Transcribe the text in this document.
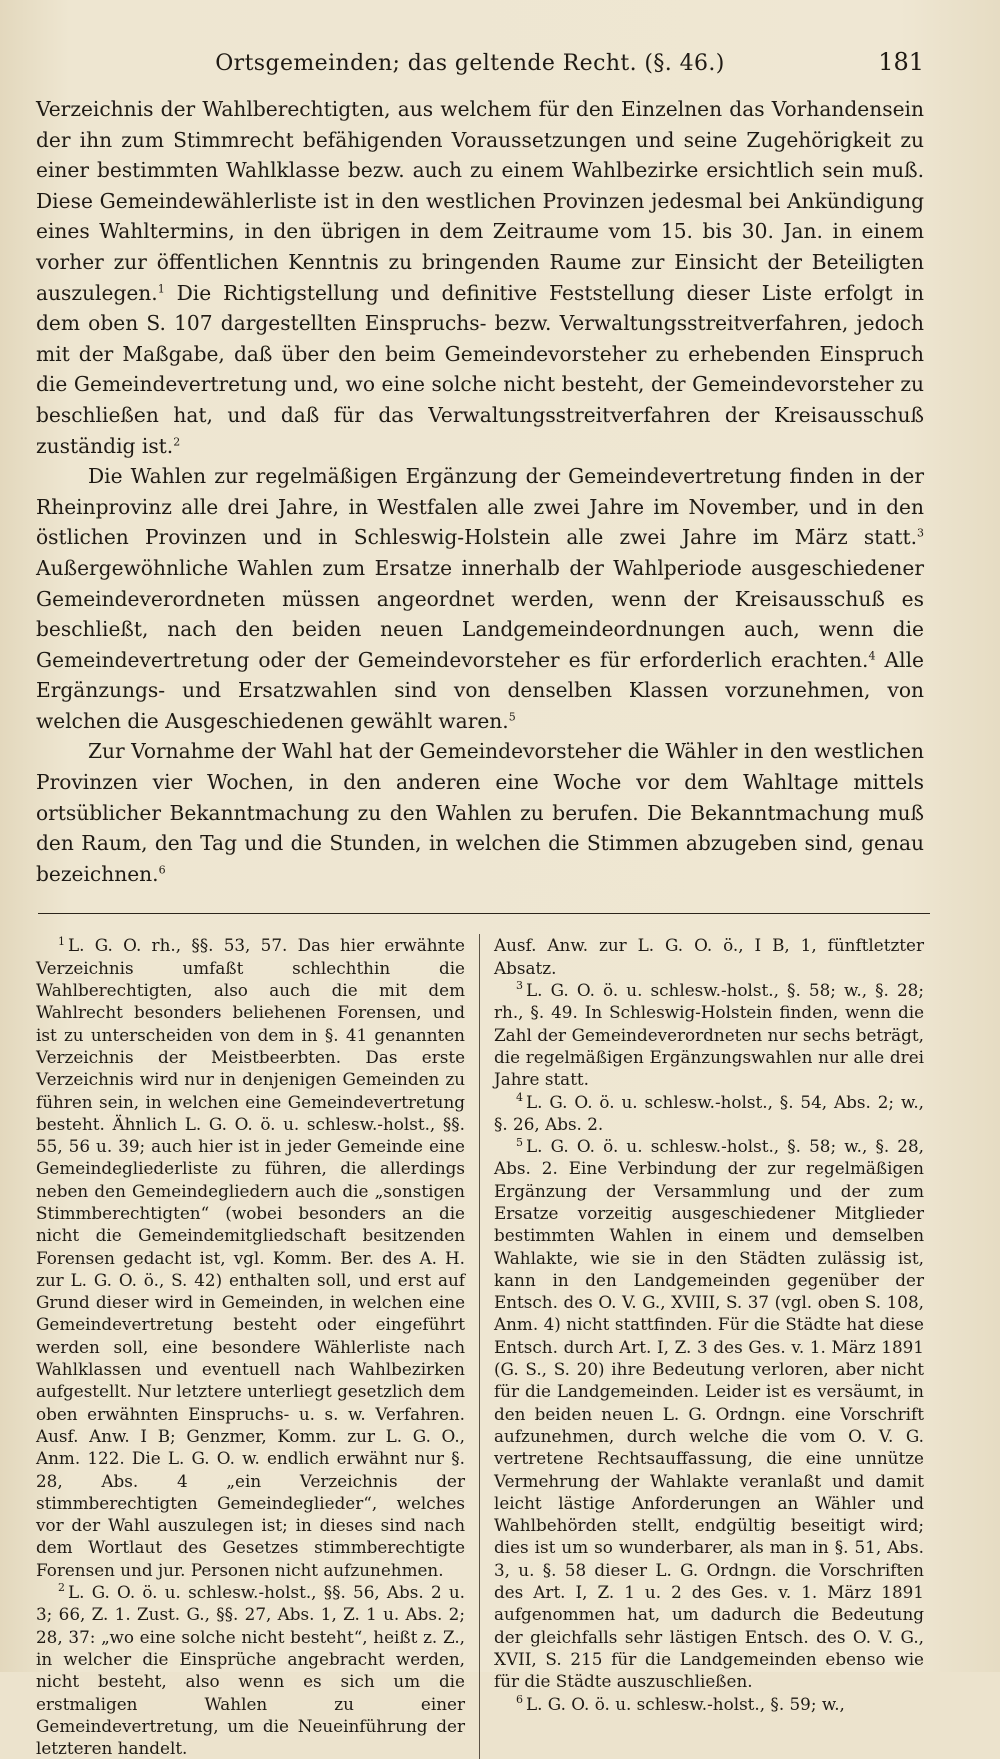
Ortsgemeinden; das geltende Recht. (§. 46.)	181

Verzeichnis der Wahlberechtigten, aus welchem für den Einzelnen das Vorhandensein der ihn zum Stimmrecht befähigenden Voraussetzungen und seine Zugehörigkeit zu einer bestimmten Wahlklasse bezw. auch zu einem Wahlbezirke ersichtlich sein muß. Diese Gemeindewählerliste ist in den westlichen Provinzen jedesmal bei Ankündigung eines Wahltermins, in den übrigen in dem Zeitraume vom 15. bis 30. Jan. in einem vorher zur öffentlichen Kenntnis zu bringenden Raume zur Einsicht der Beteiligten auszulegen.$^1$ Die Richtigstellung und definitive Feststellung dieser Liste erfolgt in dem oben S. 107 dargestellten Einspruchs- bezw. Verwaltungsstreitverfahren, jedoch mit der Maßgabe, daß über den beim Gemeindevorsteher zu erhebenden Einspruch die Gemeindevertretung und, wo eine solche nicht besteht, der Gemeindevorsteher zu beschließen hat, und daß für das Verwaltungsstreitverfahren der Kreisausschuß zuständig ist.$^2$

Die Wahlen zur regelmäßigen Ergänzung der Gemeindevertretung finden in der Rheinprovinz alle drei Jahre, in Westfalen alle zwei Jahre im November, und in den östlichen Provinzen und in Schleswig-Holstein alle zwei Jahre im März statt.$^3$ Außergewöhnliche Wahlen zum Ersatze innerhalb der Wahlperiode ausgeschiedener Gemeindeverordneten müssen angeordnet werden, wenn der Kreisausschuß es beschließt, nach den beiden neuen Landgemeindeordnungen auch, wenn die Gemeindevertretung oder der Gemeindevorsteher es für erforderlich erachten.$^4$ Alle Ergänzungs- und Ersatzwahlen sind von denselben Klassen vorzunehmen, von welchen die Ausgeschiedenen gewählt waren.$^5$

Zur Vornahme der Wahl hat der Gemeindevorsteher die Wähler in den westlichen Provinzen vier Wochen, in den anderen eine Woche vor dem Wahltage mittels ortsüblicher Bekanntmachung zu den Wahlen zu berufen. Die Bekanntmachung muß den Raum, den Tag und die Stunden, in welchen die Stimmen abzugeben sind, genau bezeichnen.$^6$

$^1$ L. G. O. rh., §§. 53, 57. Das hier erwähnte Verzeichnis umfaßt schlechthin die Wahlberechtigten, also auch die mit dem Wahlrecht besonders beliehenen Forensen, und ist zu unterscheiden von dem in §. 41 genannten Verzeichnis der Meistbeerbten. Das erste Verzeichnis wird nur in denjenigen Gemeinden zu führen sein, in welchen eine Gemeindevertretung besteht. Ähnlich L. G. O. ö. u. schlesw.-holst., §§. 55, 56 u. 39; auch hier ist in jeder Gemeinde eine Gemeindegliederliste zu führen, die allerdings neben den Gemeindegliedern auch die „sonstigen Stimmberechtigten“ (wobei besonders an die nicht die Gemeindemitgliedschaft besitzenden Forensen gedacht ist, vgl. Komm. Ber. des A. H. zur L. G. O. ö., S. 42) enthalten soll, und erst auf Grund dieser wird in Gemeinden, in welchen eine Gemeindevertretung besteht oder eingeführt werden soll, eine besondere Wählerliste nach Wahlklassen und eventuell nach Wahlbezirken aufgestellt. Nur letztere unterliegt gesetzlich dem oben erwähnten Einspruchs- u. s. w. Verfahren. Ausf. Anw. I B; Genzmer, Komm. zur L. G. O., Anm. 122. Die L. G. O. w. endlich erwähnt nur §. 28, Abs. 4 „ein Verzeichnis der stimmberechtigten Gemeindeglieder“, welches vor der Wahl auszulegen ist; in dieses sind nach dem Wortlaut des Gesetzes stimmberechtigte Forensen und jur. Personen nicht aufzunehmen.

$^2$ L. G. O. ö. u. schlesw.-holst., §§. 56, Abs. 2 u. 3; 66, Z. 1. Zust. G., §§. 27, Abs. 1, Z. 1 u. Abs. 2; 28, 37: „wo eine solche nicht besteht“, heißt z. Z., in welcher die Einsprüche angebracht werden, nicht besteht, also wenn es sich um die erstmaligen Wahlen zu einer Gemeindevertretung, um die Neueinführung der letzteren handelt.

Ausf. Anw. zur L. G. O. ö., I B, 1, fünftletzter Absatz.

$^3$ L. G. O. ö. u. schlesw.-holst., §. 58; w., §. 28; rh., §. 49. In Schleswig-Holstein finden, wenn die Zahl der Gemeindeverordneten nur sechs beträgt, die regelmäßigen Ergänzungswahlen nur alle drei Jahre statt.

$^4$ L. G. O. ö. u. schlesw.-holst., §. 54, Abs. 2; w., §. 26, Abs. 2.

$^5$ L. G. O. ö. u. schlesw.-holst., §. 58; w., §. 28, Abs. 2. Eine Verbindung der zur regelmäßigen Ergänzung der Versammlung und der zum Ersatze vorzeitig ausgeschiedener Mitglieder bestimmten Wahlen in einem und demselben Wahlakte, wie sie in den Städten zulässig ist, kann in den Landgemeinden gegenüber der Entsch. des O. V. G., XVIII, S. 37 (vgl. oben S. 108, Anm. 4) nicht stattfinden. Für die Städte hat diese Entsch. durch Art. I, Z. 3 des Ges. v. 1. März 1891 (G. S., S. 20) ihre Bedeutung verloren, aber nicht für die Landgemeinden. Leider ist es versäumt, in den beiden neuen L. G. Ordngn. eine Vorschrift aufzunehmen, durch welche die vom O. V. G. vertretene Rechtsauffassung, die eine unnütze Vermehrung der Wahlakte veranlaßt und damit leicht lästige Anforderungen an Wähler und Wahlbehörden stellt, endgültig beseitigt wird; dies ist um so wunderbarer, als man in §. 51, Abs. 3, u. §. 58 dieser L. G. Ordngn. die Vorschriften des Art. I, Z. 1 u. 2 des Ges. v. 1. März 1891 aufgenommen hat, um dadurch die Bedeutung der gleichfalls sehr lästigen Entsch. des O. V. G., XVII, S. 215 für die Landgemeinden ebenso wie für die Städte auszuschließen.

$^6$ L. G. O. ö. u. schlesw.-holst., §. 59; w.,
